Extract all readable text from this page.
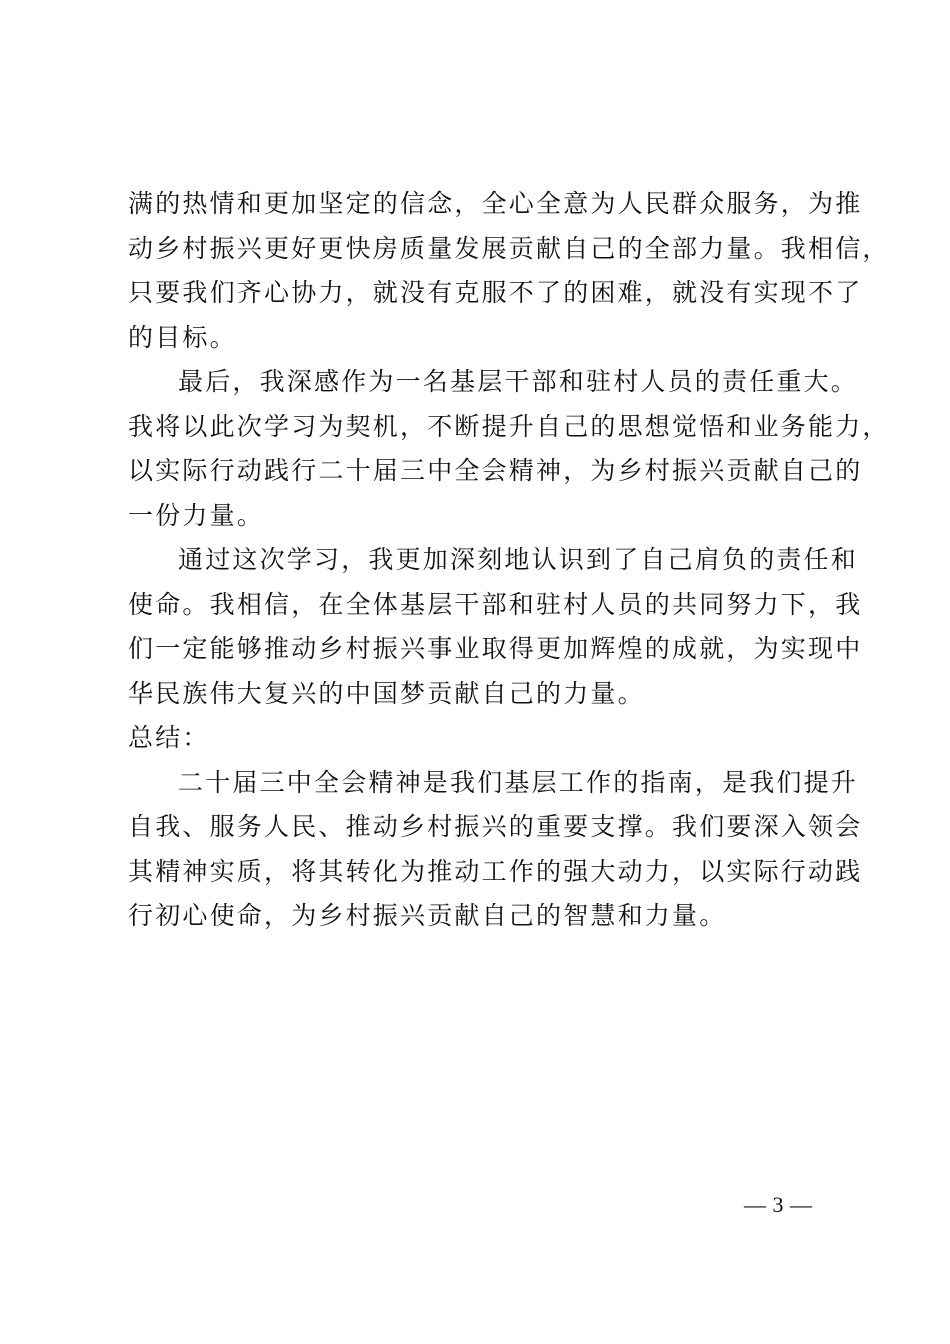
满的热情和更加坚定的信念，全心全意为人民群众服务，为推
动乡村振兴更好更快房质量发展贡献自己的全部力量。我相信，
只要我们齐心协力，就没有克服不了的困难，就没有实现不了
的目标。
最后，我深感作为一名基层干部和驻村人员的责任重大。
我将以此次学习为契机，不断提升自己的思想觉悟和业务能力，
以实际行动践行二十届三中全会精神，为乡村振兴贡献自己的
一份力量。
通过这次学习，我更加深刻地认识到了自己肩负的责任和
使命。我相信，在全体基层干部和驻村人员的共同努力下，我
们一定能够推动乡村振兴事业取得更加辉煌的成就，为实现中
华民族伟大复兴的中国梦贡献自己的力量。
总结：
二十届三中全会精神是我们基层工作的指南，是我们提升
自我、服务人民、推动乡村振兴的重要支撑。我们要深入领会
其精神实质，将其转化为推动工作的强大动力，以实际行动践
行初心使命，为乡村振兴贡献自己的智慧和力量。
— 3 —
